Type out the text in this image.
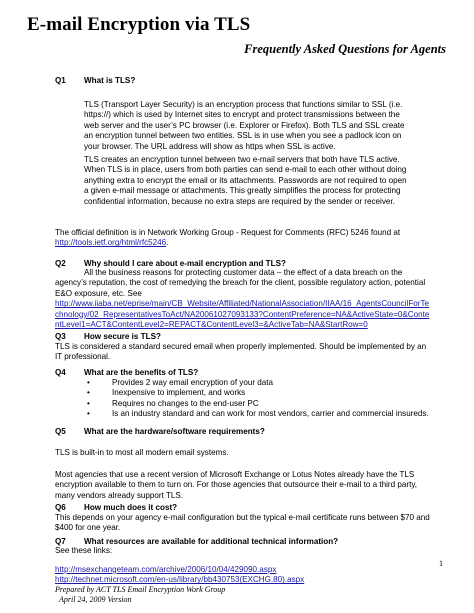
E-mail Encryption via TLS
Frequently Asked Questions for Agents
Q1 What is TLS?
TLS (Transport Layer Security) is an encryption process that functions similar to SSL (i.e.
https://) which is used by Internet sites to encrypt and protect transmissions between the
web server and the user’s PC browser (i.e. Explorer or Firefox). Both TLS and SSL create
an encryption tunnel between two entities. SSL is in use when you see a padlock icon on
your browser. The URL address will show as https when SSL is active.
TLS creates an encryption tunnel between two e-mail servers that both have TLS active.
When TLS is in place, users from both parties can send e-mail to each other without doing
anything extra to encrypt the email or its attachments. Passwords are not required to open
a given e-mail message or attachments. This greatly simplifies the process for protecting
confidential information, because no extra steps are required by the sender or receiver.
The official definition is in Network Working Group - Request for Comments (RFC) 5246 found at
http://tools.ietf.org/html/rfc5246.
Q2 Why should I care about e-mail encryption and TLS?
All the business reasons for protecting customer data – the effect of a data breach on the
agency’s reputation, the cost of remedying the breach for the client, possible regulatory action, potential
E&O exposure, etc. See
http://www.iiaba.net/eprise/main/CB_Website/Affiliated/NationalAssociation/IIAA/16_AgentsCouncilForTe
chnology/02_RepresentativesToAct/NA20061027093133?ContentPreference=NA&ActiveState=0&Conte
ntLevel1=ACT&ContentLevel2=REPACT&ContentLevel3=&ActiveTab=NA&StartRow=0
Q3 How secure is TLS?
TLS is considered a standard secured email when properly implemented. Should be implemented by an
IT professional.
Q4 What are the benefits of TLS?
•	Provides 2 way email encryption of your data
•	Inexpensive to implement, and works
•	Requires no changes to the end-user PC
•	Is an industry standard and can work for most vendors, carrier and commercial insureds.
Q5 What are the hardware/software requirements?
TLS is built-in to most all modern email systems.
Most agencies that use a recent version of Microsoft Exchange or Lotus Notes already have the TLS
encryption available to them to turn on. For those agencies that outsource their e-mail to a third party,
many vendors already support TLS.
Q6 How much does it cost?
This depends on your agency e-mail configuration but the typical e-mail certificate runs between $70 and
$400 for one year.
Q7 What resources are available for additional technical information?
See these links:
http://msexchangeteam.com/archive/2006/10/04/429090.aspx
http://technet.microsoft.com/en-us/library/bb430753(EXCHG.80).aspx
1
Prepared by ACT TLS Email Encryption Work Group
April 24, 2009 Version
